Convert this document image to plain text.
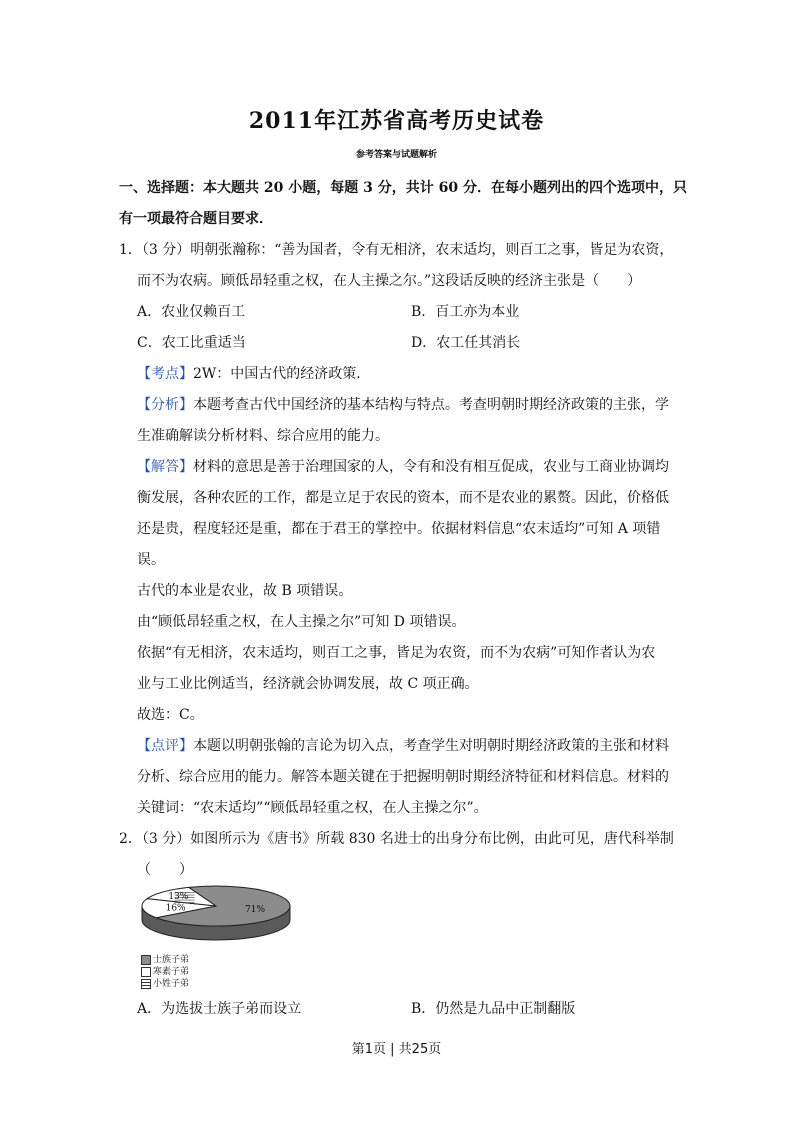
2011年江苏省高考历史试卷
参考答案与试题解析
一、选择题：本大题共 20 小题，每题 3 分，共计 60 分．在每小题列出的四个选项中，只
有一项最符合题目要求．
1．（3 分）明朝张瀚称：“善为国者，令有无相济，农末适均，则百工之事，皆足为农资，
而不为农病。顾低昂轻重之权，在人主操之尔。”这段话反映的经济主张是（　　）
A．农业仅赖百工	B．百工亦为本业
C．农工比重适当	D．农工任其消长
【考点】2W：中国古代的经济政策．
【分析】本题考查古代中国经济的基本结构与特点。考查明朝时期经济政策的主张，学
生准确解读分析材料、综合应用的能力。
【解答】材料的意思是善于治理国家的人，令有和没有相互促成，农业与工商业协调均
衡发展，各种农匠的工作，都是立足于农民的资本，而不是农业的累赘。因此，价格低
还是贵，程度轻还是重，都在于君王的掌控中。依据材料信息“农末适均”可知 A 项错
误。
古代的本业是农业，故 B 项错误。
由“顾低昂轻重之权，在人主操之尔”可知 D 项错误。
依据“有无相济，农末适均，则百工之事，皆足为农资，而不为农病”可知作者认为农
业与工业比例适当，经济就会协调发展，故 C 项正确。
故选：C。
【点评】本题以明朝张翰的言论为切入点，考查学生对明朝时期经济政策的主张和材料
分析、综合应用的能力。解答本题关键在于把握明朝时期经济特征和材料信息。材料的
关键词：“农末适均”“顾低昂轻重之权，在人主操之尔”。
2．（3 分）如图所示为《唐书》所载 830 名进士的出身分布比例，由此可见，唐代科举制
（　　）
71%
16%
13%
士族子弟
寒素子弟
小姓子弟
A．为选拔士族子弟而设立	B．仍然是九品中正制翻版
第1页 | 共25页
